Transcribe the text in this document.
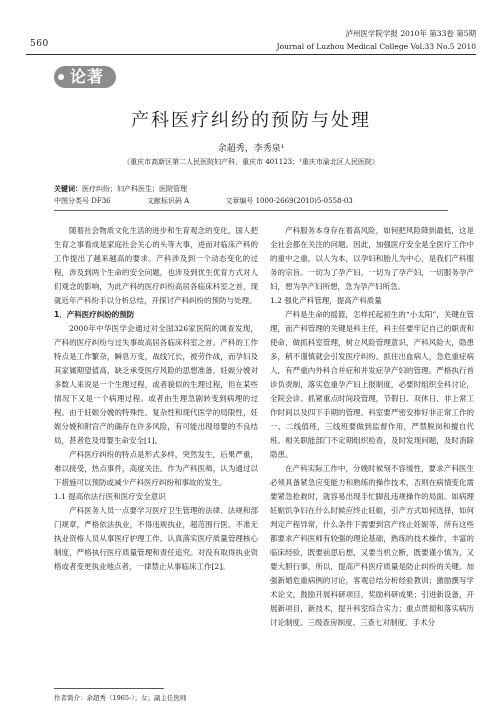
560
泸州医学院学报 2010年 第33卷 第5期
Journal of Luzhou Medical College Vol.33 No.5 2010
论著
产科医疗纠纷的预防与处理
余超秀，李秀泉¹
（重庆市高新区第二人民医院妇产科，重庆市 401123；¹重庆市渝北区人民医院）
关键词：医疗纠纷；妇产科医生；医院管理
中图分类号 DF36	文献标识码 A	文章编号 1000-2669(2010)5-0558-03

随着社会物质文化生活的进步和生育观念的变化，国人把生育之事看成是家庭社会关心的头等大事，进而对临床产科的工作提出了越来越高的要求。产科涉及到一个动态变化的过程，涉及到两个生命的安全问题，也涉及到优生优育方式对人们观念的影响，为此产科的医疗纠纷高居各临床科室之首，现就近年产科纷手以分析总结，开探讨产科纠纷的预防与处理。

1．产科医疗纠纷的预防

2000年中华医学会通过对全国326家医院的调查发现，产科的医疗纠纷与过失事故高居各临床科室之首。产科的工作特点是工作繁杂，瞬息万变，战线冗长，被劳作战，而孕妇及其家属期望值高，缺乏承受医疗风险的思想准备。妊娠分娩对多数人来说是一个生理过程，或者貌似的生理过程，但在某些情况下又是一个病理过程。或者由生理急剧转变到病理的过程。由于妊娠分娩的特殊性、复杂性和现代医学的局限性，妊娠分娩和附宫产的确存在许多风险，有可能出现母婴的不良结局，甚者危及母婴生命安全[1]。

产科医疗纠纷的特点是形式多样，突然发生，后果严重，难以接受，热点事件，高度关注。作为产科医师，认为通过以下措施可以预防或减少产科医疗纠纷和事故的发生。

1.1 提高依法行医和医疗安全意识

产科医务人员一点要学习医疗卫生管理的法律、法规和部门规章，严格依法执业，不得违规执业，超范围行医。不准无执业资格人员从事医疗护理工作。认真落实医疗质量管理核心制度，严格执行医疗质量管理和责任追究。对没有取得执业资格或者变更执业地点者，一律禁止从事临床工作[2]。

产科服务本身存在着高风险，如何把风险降到最低，这是全社会都在关注的问题。因此，加强医疗安全是全医疗工作中的重中之重，以人为本，以孕妇和胎儿为中心，是我们产科服务的宗旨。一切为了孕产妇，一切为了孕产妇，一切服务孕产妇，想为孕产妇所想，急为孕产妇所急。

1.2 强化产科管理，提高产科质量

产科是生命的摇篮，怎样托起初生的“小太阳”，关键在管理，而产科管理的关键是科主任，科主任要牢记自己的职责和使命，做抓科室管理，树立风险管理意识，产科风险大，隐患多，稍不谨慎就会引发医疗纠纷。抓住出血病人，急危重症病人，有严重内外科合并症和并发症孕产妇的管理。严格执行首诊负责制，落实危重孕产妇上报制度，必要时组织全科讨论，全院会诊。抓紧重点时间段管理，节假日、双休日、非上常工作时间以及四下手期的管理。科室要严密安排好非正常工作的一、二线值班，三线班要做到监督作用，严禁脱岗和擅自代班。相关职能部门不定期组织检查，及时发现问题，及时消除隐患。

在产科实际工作中，分娩时候刻不容缓性，要求产科医生必须具备紧急应变能力和熟练的操作技术，否则在病情变化需要紧急抢救时，就容易出现手忙脚乱违规操作的局面。如病理妊娠饥争妇在什么时候应终止妊娠，引产方式如何选择，如何判定产程异常，什么条件下需要到宫产终止妊娠等，所有这些都要求产科医师有较强的理论基础，熟练的技术操作，丰富的临床经验，既要前思后想，又要当机立断，既要谨小慎为，又要大胆行事，所以，提高产科医疗质量是防止纠纷的关键。加强新婚危重病例的讨论，客观总结分析经验教训；激励撰写学术论文，鼓励开展科研项目，奖励科研成果；引进新设备，开展新项目，新技术，提升科室综合实力；重点贯彻和落实病历讨论制度、三级查房制度、三查七对制度、手术分

作者简介：余超秀（1965-）；女；副主任医师
